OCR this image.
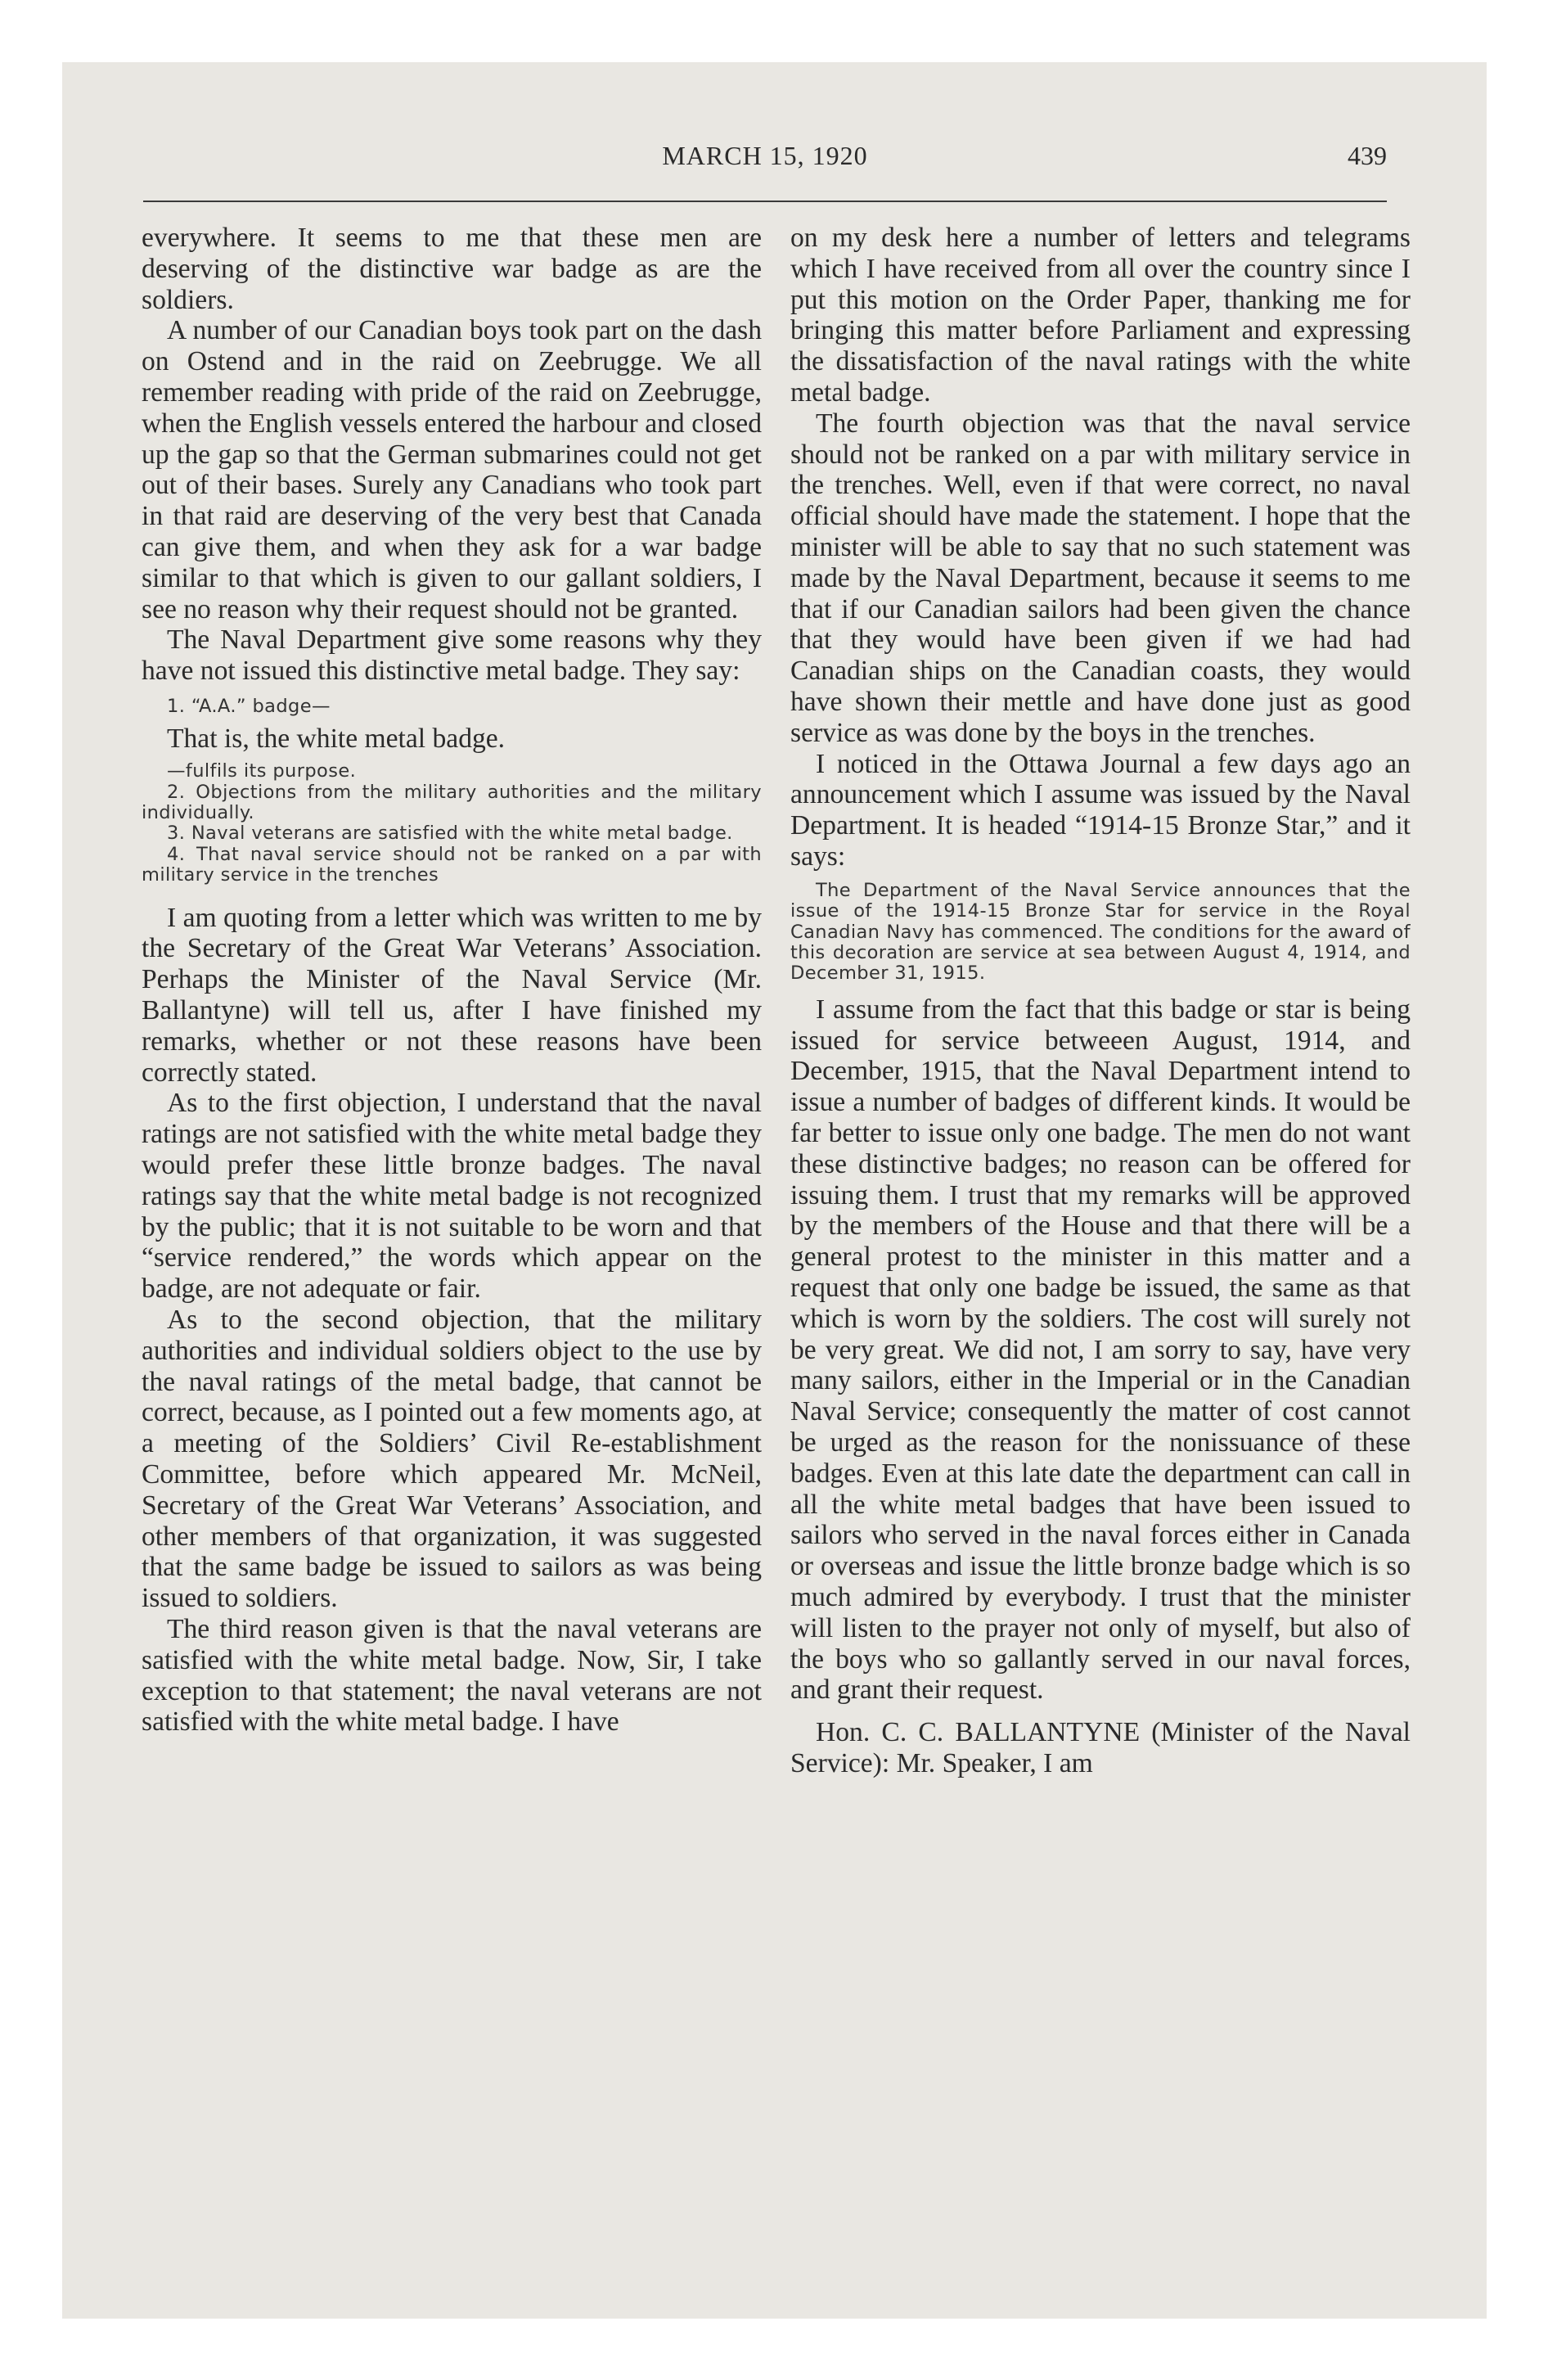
MARCH 15, 1920	439

everywhere. It seems to me that these men are deserving of the distinctive war badge as are the soldiers.

A number of our Canadian boys took part on the dash on Ostend and in the raid on Zeebrugge. We all remember reading with pride of the raid on Zeebrugge, when the English vessels entered the harbour and closed up the gap so that the German submarines could not get out of their bases. Surely any Canadians who took part in that raid are deserving of the very best that Canada can give them, and when they ask for a war badge similar to that which is given to our gallant soldiers, I see no reason why their request should not be granted.

The Naval Department give some reasons why they have not issued this distinctive metal badge. They say:

1. “A.A.” badge—

That is, the white metal badge.

—fulfils its purpose.

2. Objections from the military authorities and the military individually.

3. Naval veterans are satisfied with the white metal badge.

4. That naval service should not be ranked on a par with military service in the trenches

I am quoting from a letter which was written to me by the Secretary of the Great War Veterans’ Association. Perhaps the Minister of the Naval Service (Mr. Ballantyne) will tell us, after I have finished my remarks, whether or not these reasons have been correctly stated.

As to the first objection, I understand that the naval ratings are not satisfied with the white metal badge they would prefer these little bronze badges. The naval ratings say that the white metal badge is not recognized by the public; that it is not suitable to be worn and that “service rendered,” the words which appear on the badge, are not adequate or fair.

As to the second objection, that the military authorities and individual soldiers object to the use by the naval ratings of the metal badge, that cannot be correct, because, as I pointed out a few moments ago, at a meeting of the Soldiers’ Civil Re-establishment Committee, before which appeared Mr. McNeil, Secretary of the Great War Veterans’ Association, and other members of that organization, it was suggested that the same badge be issued to sailors as was being issued to soldiers.

The third reason given is that the naval veterans are satisfied with the white metal badge. Now, Sir, I take exception to that statement; the naval veterans are not satisfied with the white metal badge. I have

on my desk here a number of letters and telegrams which I have received from all over the country since I put this motion on the Order Paper, thanking me for bringing this matter before Parliament and expressing the dissatisfaction of the naval ratings with the white metal badge.

The fourth objection was that the naval service should not be ranked on a par with military service in the trenches. Well, even if that were correct, no naval official should have made the statement. I hope that the minister will be able to say that no such statement was made by the Naval Department, because it seems to me that if our Canadian sailors had been given the chance that they would have been given if we had had Canadian ships on the Canadian coasts, they would have shown their mettle and have done just as good service as was done by the boys in the trenches.

I noticed in the Ottawa Journal a few days ago an announcement which I assume was issued by the Naval Department. It is headed “1914-15 Bronze Star,” and it says:

The Department of the Naval Service announces that the issue of the 1914-15 Bronze Star for service in the Royal Canadian Navy has commenced. The conditions for the award of this decoration are service at sea between August 4, 1914, and December 31, 1915.

I assume from the fact that this badge or star is being issued for service betweeen August, 1914, and December, 1915, that the Naval Department intend to issue a number of badges of different kinds. It would be far better to issue only one badge. The men do not want these distinctive badges; no reason can be offered for issuing them. I trust that my remarks will be approved by the members of the House and that there will be a general protest to the minister in this matter and a request that only one badge be issued, the same as that which is worn by the soldiers. The cost will surely not be very great. We did not, I am sorry to say, have very many sailors, either in the Imperial or in the Canadian Naval Service; consequently the matter of cost cannot be urged as the reason for the nonissuance of these badges. Even at this late date the department can call in all the white metal badges that have been issued to sailors who served in the naval forces either in Canada or overseas and issue the little bronze badge which is so much admired by everybody. I trust that the minister will listen to the prayer not only of myself, but also of the boys who so gallantly served in our naval forces, and grant their request.

Hon. C. C. BALLANTYNE (Minister of the Naval Service): Mr. Speaker, I am
